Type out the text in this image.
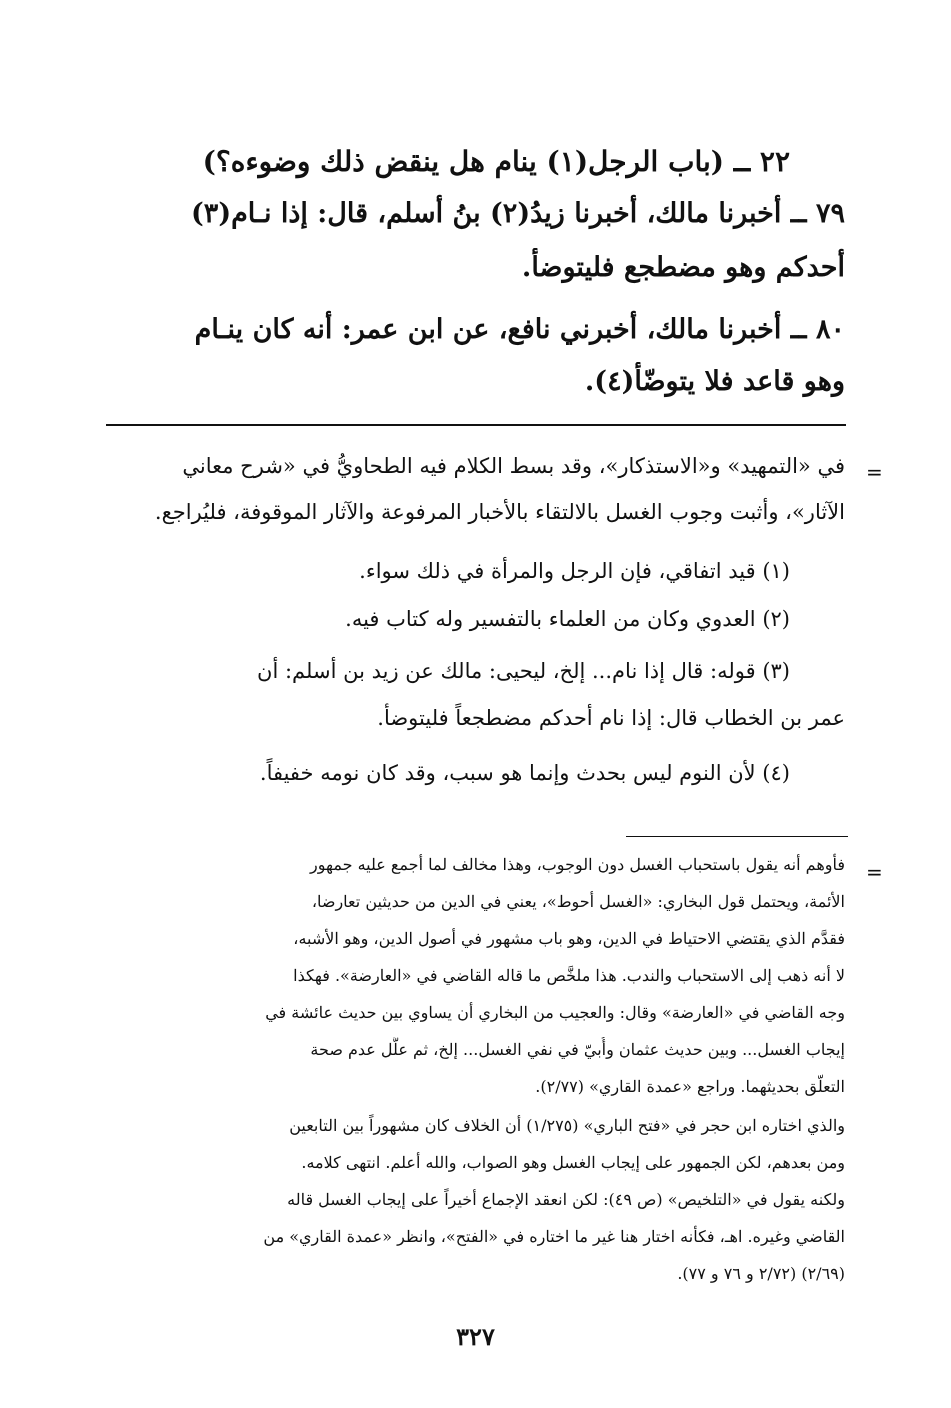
٢٢ ــ (باب الرجل(١) ينام هل ينقض ذلك وضوءه؟)
٧٩ ــ أخبرنا مالك، أخبرنا زيدُ(٢) بنُ أسلم، قال: إذا نـام(٣)
أحدكم وهو مضطجع فليتوضأْ.
٨٠ ــ أخبرنا مالك، أخبرني نافع، عن ابن عمر: أنه كان ينـام
وهو قاعد فلا يتوضّأ(٤).
=
في «التمهيد» و«الاستذكار»، وقد بسط الكلام فيه الطحاويُّ في «شرح معاني
الآثار»، وأثبت وجوب الغسل بالالتقاء بالأخبار المرفوعة والآثار الموقوفة، فليُراجع.
(١) قيد اتفاقي، فإن الرجل والمرأة في ذلك سواء.
(٢) العدوي وكان من العلماء بالتفسير وله كتاب فيه.
(٣) قوله: قال إذا نام... إلخ، ليحيى: مالك عن زيد بن أسلم: أن
عمر بن الخطاب قال: إذا نام أحدكم مضطجعاً فليتوضأ.
(٤) لأن النوم ليس بحدث وإنما هو سبب، وقد كان نومه خفيفاً.
=
فأوهم أنه يقول باستحباب الغسل دون الوجوب، وهذا مخالف لما أجمع عليه جمهور
الأئمة، ويحتمل قول البخاري: «الغسل أحوط»، يعني في الدين من حديثين تعارضا،
فقدَّم الذي يقتضي الاحتياط في الدين، وهو باب مشهور في أصول الدين، وهو الأشبه،
لا أنه ذهب إلى الاستحباب والندب. هذا ملخَّص ما قاله القاضي في «العارضة». فهكذا
وجه القاضي في «العارضة» وقال: والعجيب من البخاري أن يساوي بين حديث عائشة في
إيجاب الغسل... وبين حديث عثمان وأُبيّ في نفي الغسل... إلخ، ثم علَّل عدم صحة
التعلّق بحديثهما. وراجع «عمدة القاري» (٢/٧٧).
والذي اختاره ابن حجر في «فتح الباري» (١/٢٧٥) أن الخلاف كان مشهوراً بين التابعين
ومن بعدهم، لكن الجمهور على إيجاب الغسل وهو الصواب، والله أعلم. انتهى كلامه.
ولكنه يقول في «التلخيص» (ص ٤٩): لكن انعقد الإجماع أخيراً على إيجاب الغسل قاله
القاضي وغيره. اهـ، فكأنه اختار هنا غير ما اختاره في «الفتح»، وانظر «عمدة القاري» من
(٢/٦٩) (٢/٧٢ و ٧٦ و ٧٧).
٣٢٧
